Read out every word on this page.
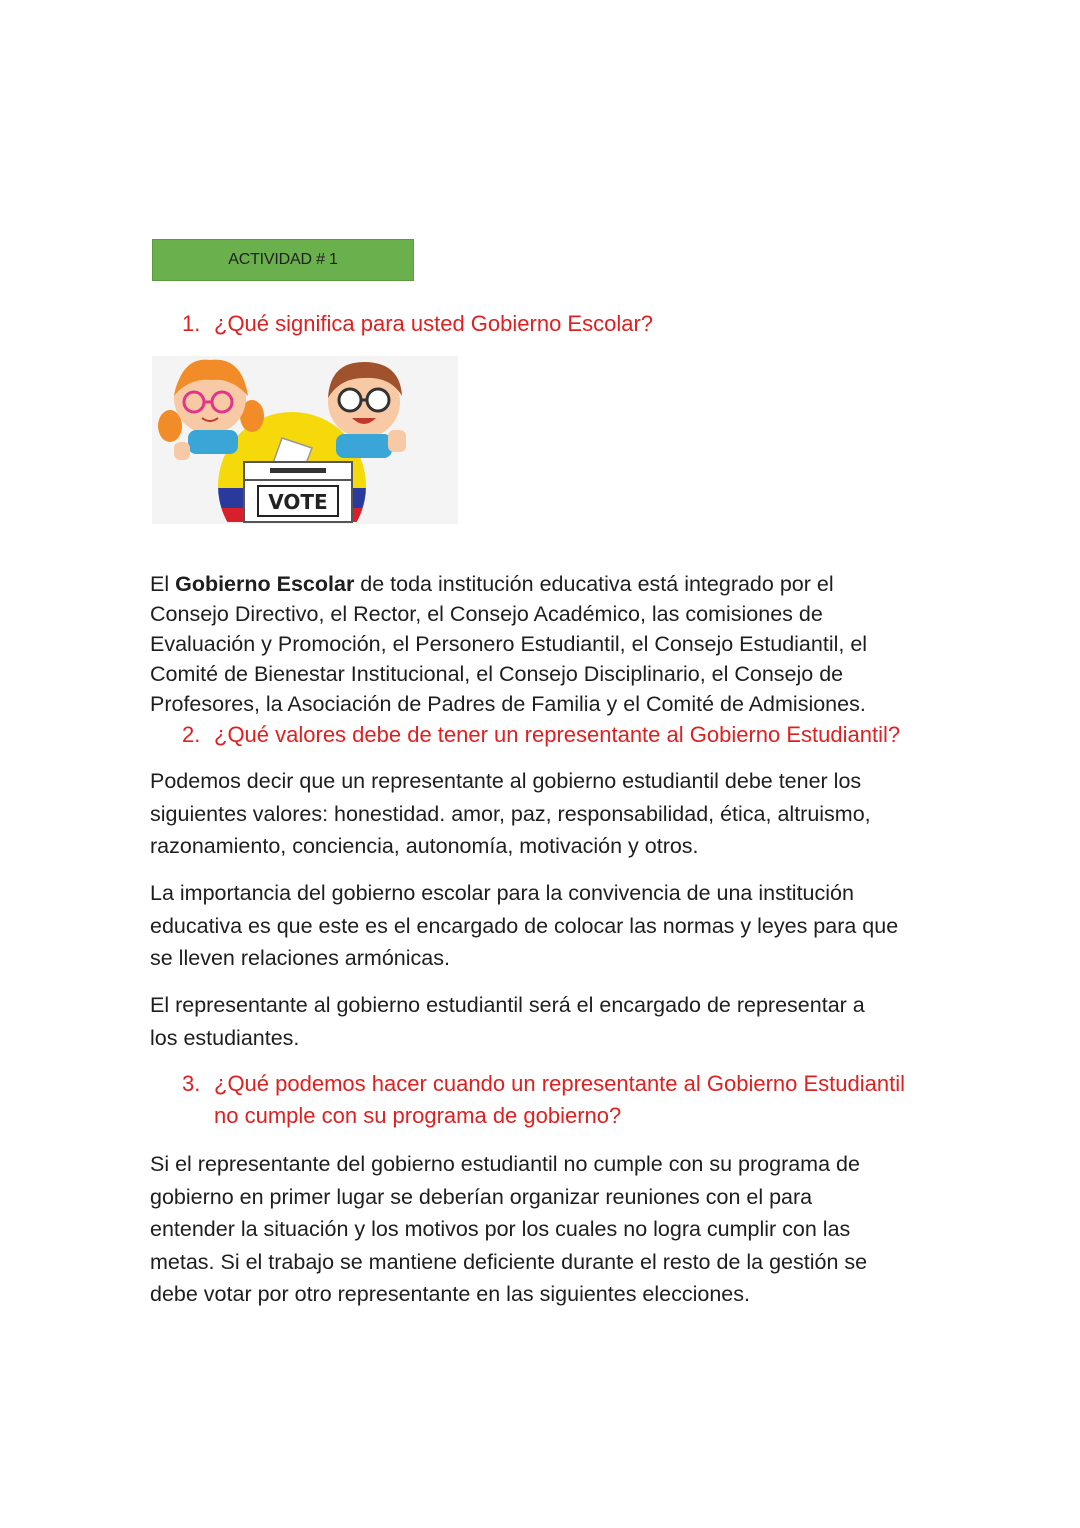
ACTIVIDAD # 1
1. ¿Qué significa para usted Gobierno Escolar?
VOTE
El Gobierno Escolar de toda institución educativa está integrado por el
Consejo Directivo, el Rector, el Consejo Académico, las comisiones de
Evaluación y Promoción, el Personero Estudiantil, el Consejo Estudiantil, el
Comité de Bienestar Institucional, el Consejo Disciplinario, el Consejo de
Profesores, la Asociación de Padres de Familia y el Comité de Admisiones.
2. ¿Qué valores debe de tener un representante al Gobierno Estudiantil?
Podemos decir que un representante al gobierno estudiantil debe tener los
siguientes valores: honestidad. amor, paz, responsabilidad, ética, altruismo,
razonamiento, conciencia, autonomía, motivación y otros.
La importancia del gobierno escolar para la convivencia de una institución
educativa es que este es el encargado de colocar las normas y leyes para que
se lleven relaciones armónicas.
El representante al gobierno estudiantil será el encargado de representar a
los estudiantes.
3. ¿Qué podemos hacer cuando un representante al Gobierno Estudiantil
no cumple con su programa de gobierno?
Si el representante del gobierno estudiantil no cumple con su programa de
gobierno en primer lugar se deberían organizar reuniones con el para
entender la situación y los motivos por los cuales no logra cumplir con las
metas. Si el trabajo se mantiene deficiente durante el resto de la gestión se
debe votar por otro representante en las siguientes elecciones.
